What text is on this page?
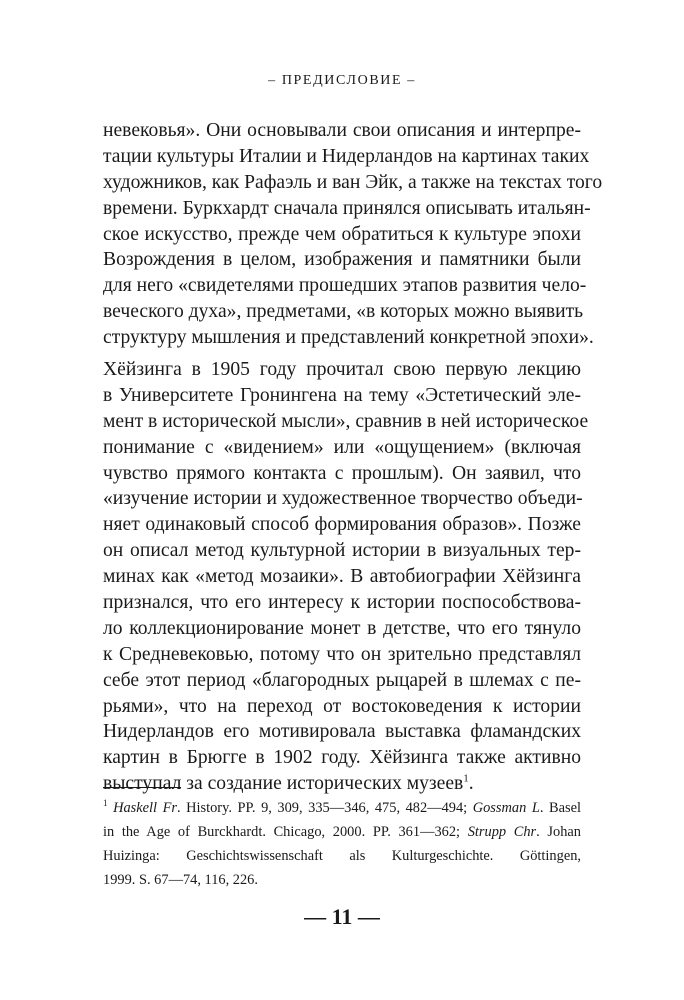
– ПРЕДИСЛОВИЕ –
невековья». Они основывали свои описания и интерпре-
тации культуры Италии и Нидерландов на картинах таких
художников, как Рафаэль и ван Эйк, а также на текстах того
времени. Буркхардт сначала принялся описывать итальян-
ское искусство, прежде чем обратиться к культуре эпохи
Возрождения в целом, изображения и памятники были
для него «свидетелями прошедших этапов развития чело-
веческого духа», предметами, «в которых можно выявить
структуру мышления и представлений конкретной эпохи».
Хёйзинга в 1905 году прочитал свою первую лекцию
в Университете Гронингена на тему «Эстетический эле-
мент в исторической мысли», сравнив в ней историческое
понимание с «видением» или «ощущением» (включая
чувство прямого контакта с прошлым). Он заявил, что
«изучение истории и художественное творчество объеди-
няет одинаковый способ формирования образов». Позже
он описал метод культурной истории в визуальных тер-
минах как «метод мозаики». В автобиографии Хёйзинга
признался, что его интересу к истории поспособствова-
ло коллекционирование монет в детстве, что его тянуло
к Средневековью, потому что он зрительно представлял
себе этот период «благородных рыцарей в шлемах с пе-
рьями», что на переход от востоковедения к истории
Нидерландов его мотивировала выставка фламандских
картин в Брюгге в 1902 году. Хёйзинга также активно
выступал за создание исторических музеев$^1$.
$^1$ Haskell Fr. History. PP. 9, 309, 335—346, 475, 482—494; Gossman L. Basel
in the Age of Burckhardt. Chicago, 2000. PP. 361—362; Strupp Chr. Johan
Huizinga: Geschichtswissenschaft als Kulturgeschichte. Göttingen,
1999. S. 67—74, 116, 226.
— 11 —
